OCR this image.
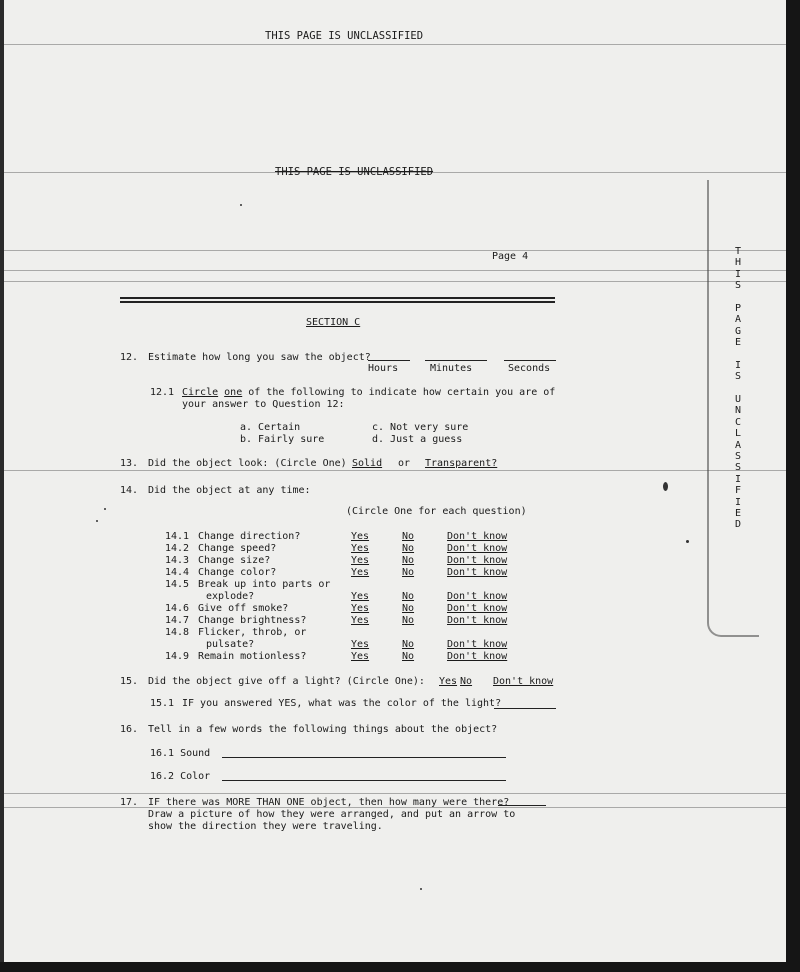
THIS PAGE IS UNCLASSIFIED
THIS PAGE IS UNCLASSIFIED
Page 4	T
H
I
S
P
A
G
E
I
S
U
N
C
L
A
S
S
I
F
I
E
D
SECTION C
12. Estimate how long you saw the object?
Hours	Minutes	Seconds
12.1 Circle one of the following to indicate how certain you are of
your answer to Question 12:
a. Certain
b. Fairly sure
c. Not very sure
d. Just a guess
13. Did the object look: (Circle One) Solid or Transparent?
14. Did the object at any time:
(Circle One for each question)
14.1 Change direction?	Yes	No	Don't know
14.2 Change speed?	Yes	No	Don't know
14.3 Change size?	Yes	No	Don't know
14.4 Change color?	Yes	No	Don't know
14.5 Break up into parts or
explode?	Yes	No	Don't know
14.6 Give off smoke?	Yes	No	Don't know
14.7 Change brightness?	Yes	No	Don't know
14.8 Flicker, throb, or
pulsate?	Yes	No	Don't know
14.9 Remain motionless?	Yes	No	Don't know
15. Did the object give off a light? (Circle One): Yes No Don't know
15.1 IF you answered YES, what was the color of the light?
16. Tell in a few words the following things about the object?
16.1 Sound
16.2 Color
17. IF there was MORE THAN ONE object, then how many were there?
Draw a picture of how they were arranged, and put an arrow to
show the direction they were traveling.
